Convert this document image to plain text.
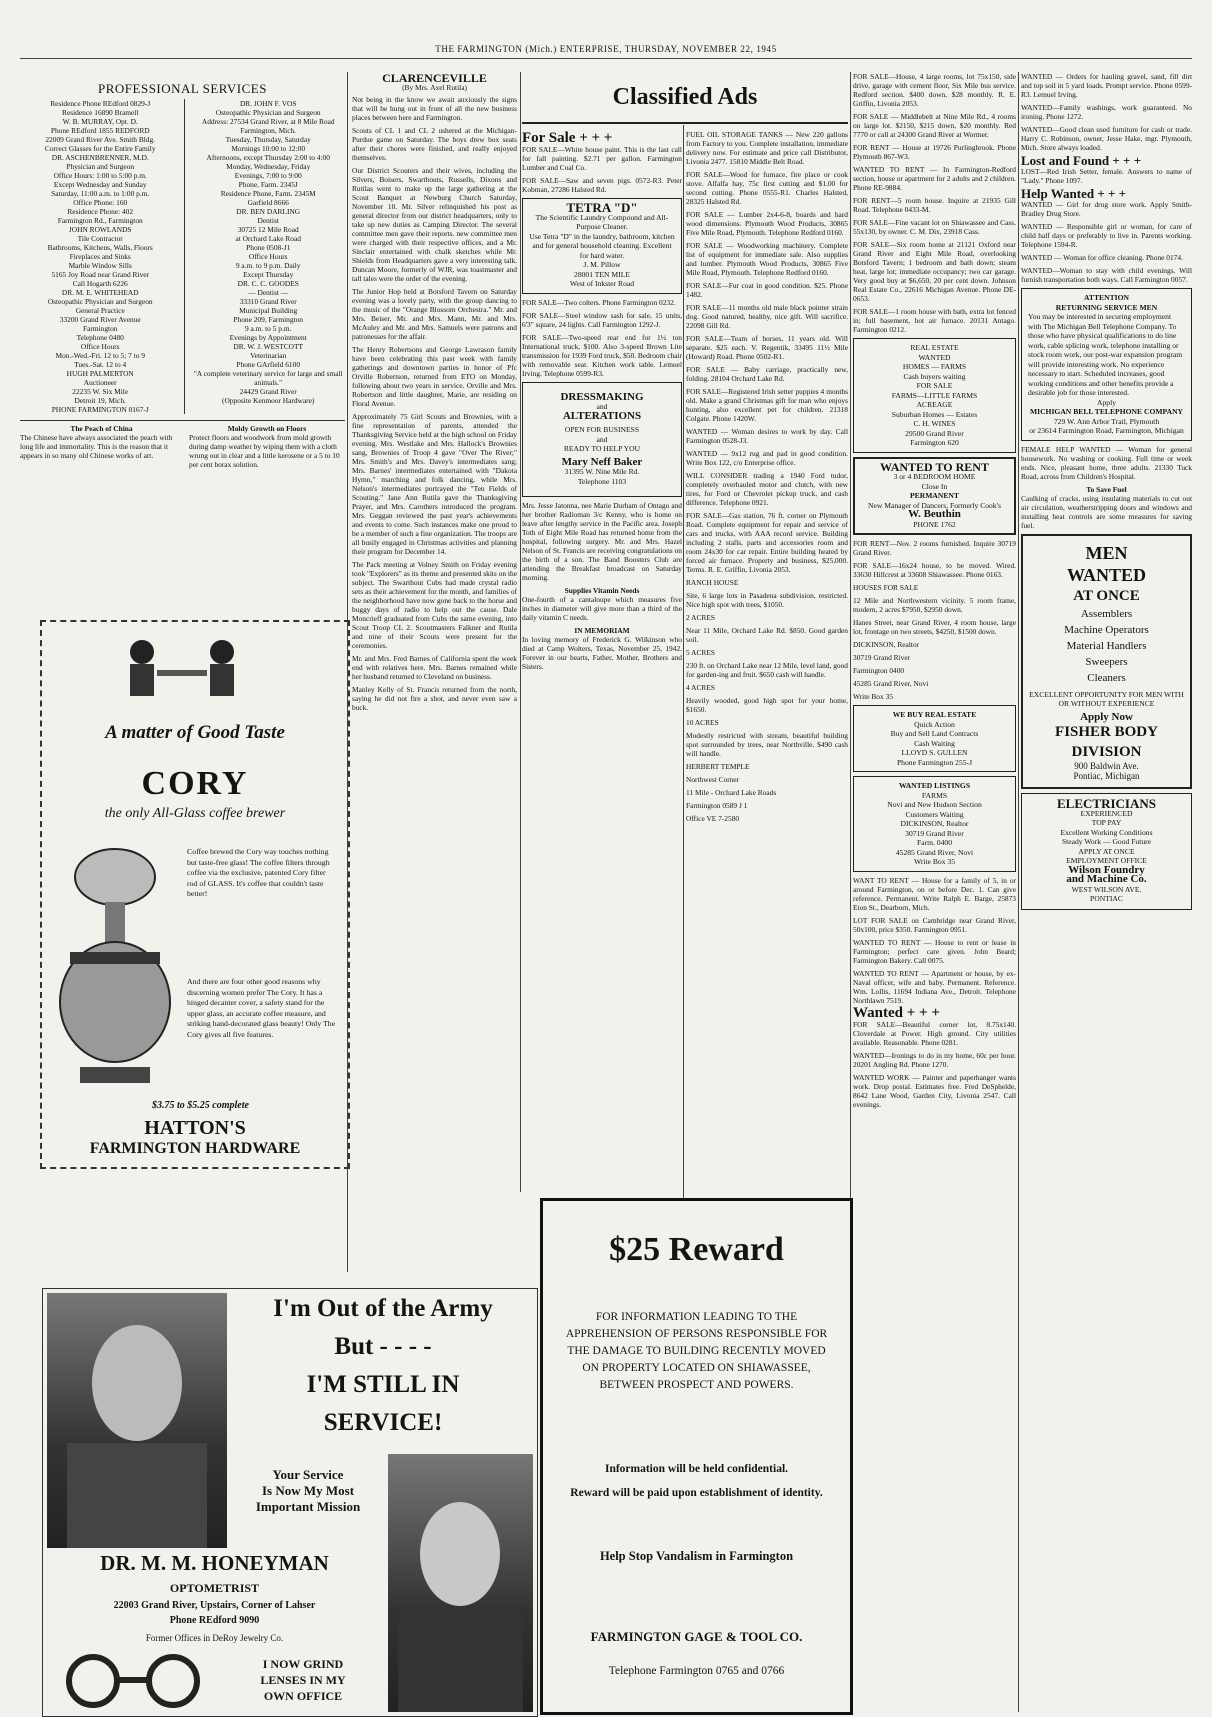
THE FARMINGTON (Mich.) ENTERPRISE, THURSDAY, NOVEMBER 22, 1945
PROFESSIONAL SERVICES
Residence Phone REdford 0829-J
Residence 16890 Bramell
W. B. MURRAY, Opt. D.
Phone REdford 1855 REDFORD
22009 Grand River Ave. Smith Bldg.
Correct Glasses for the Entire Family
DR. ASCHENBRENNER, M.D.
Physician and Surgeon
Office Hours: 1:00 to 5:00 p.m.
Except Wednesday and Sunday
Saturday, 11:00 a.m. to 1:00 p.m.
Office Phone: 160
Residence Phone: 402
Farmington Rd., Farmington
JOHN ROWLANDS
Tile Contractor
Bathrooms, Kitchens, Walls, Floors
Fireplaces and Sinks
Marble Window Sills
5165 Joy Road near Grand River
Call Hogarth 6226
DR. M. E. WHITEHEAD
Osteopathic Physician and Surgeon
General Practice
33200 Grand River Avenue
Farmington
Telephone 0480
Office Hours
Mon.-Wed.-Fri. 12 to 5; 7 to 9
Tues.-Sat. 12 to 4
HUGH PALMERTON
Auctioneer
22235 W. Six Mile
Detroit 19, Mich.
PHONE FARMINGTON 0167-J
DR. JOHN F. VOS
Osteopathic Physician and Surgeon
Address: 27534 Grand River, at 8 Mile Road
Farmington, Mich.
Tuesday, Thursday, Saturday
Mornings 10:00 to 12:00
Afternoons, except Thursday 2:00 to 4:00
Monday, Wednesday, Friday
Evenings, 7:00 to 9:00
Phone, Farm. 2345J
Residence Phone, Farm. 2345M
Garfield 8666
DR. BEN DARLING
Dentist
30725 12 Mile Road
at Orchard Lake Road
Phone 0508-J1
Office Hours
9 a.m. to 9 p.m. Daily
Except Thursday
DR. C. C. GOODES
— Dentist —
33310 Grand River
Municipal Building
Phone 209, Farmington
9 a.m. to 5 p.m.
Evenings by Appointment
DR. W. J. WESTCOTT
Veterinarian
Phone GArfield 6100
"A complete veterinary service for large and small animals."
24429 Grand River
(Opposite Kenmoor Hardware)
The Peach of China
The Chinese have always associated the peach with long life and immortality. This is the reason that it appears in so many old Chinese works of art.
Moldy Growth on Floors
Protect floors and woodwork from mold growth during damp weather by wiping them with a cloth wrung out in clear and a little kerosene or a 5 to 10 per cent borax solution.
A matter of Good Taste
CORY
the only All-Glass coffee brewer
Coffee brewed the Cory way touches nothing but taste-free glass! The coffee filters through coffee via the exclusive, patented Cory filter rod of GLASS. It's coffee that couldn't taste better!
And there are four other good reasons why discerning women prefer The Cory. It has a hinged decanter cover, a safety stand for the upper glass, an accurate coffee measure, and striking hand-decorated glass beauty! Only The Cory gives all five features.
$3.75 to $5.25 complete
HATTON'S
FARMINGTON HARDWARE
CLARENCEVILLE
(By Mrs. Axel Rutila)
Not being in the know we await anxiously the signs that will be hung out in front of all the new business places between here and Farmington.
Scouts of CL 1 and CL 2 ushered at the Michigan-Purdue game on Saturday. The boys drew box seats after their chores were finished, and really enjoyed themselves.
Our District Scouters and their wives, including the Silvers, Boisers, Swarthouts, Russells, Dixons and Rutilas went to make up the large gathering at the Scout Banquet at Newburg Church Saturday, November 10. Mr. Silver relinquished his post as general director from our district headquarters, only to take up new duties as Camping Director. The several committee men gave their reports. new committee men were charged with their respective offices, and a Mr. Sinclair entertained with chalk sketches while Mr. Shields from Headquarters gave a very interesting talk. Duncan Moore, formerly of WJR, was toastmaster and tall tales were the order of the evening.
The Junior Hop held at Botsford Tavern on Saturday evening was a lovely party, with the group dancing to the music of the "Orange Blossom Orchestra." Mr. and Mrs. Beiser, Mr. and Mrs. Mann, Mr. and Mrs. McAuley and Mr. and Mrs. Samuels were patrons and patronesses for the affair.
The Henry Robertsons and George Lawrason family have been celebrating this past week with family gatherings and downtown parties in honor of Pfc Orville Robertson, returned from ETO on Monday, following about two years in service. Orville and Mrs. Robertson and little daughter, Marie, are residing on Floral Avenue.
Approximately 75 Girl Scouts and Brownies, with a fine representation of parents, attended the Thanksgiving Service held at the high school on Friday evening. Mrs. Westlake and Mrs. Hallock's Brownies sang, Brownies of Troop 4 gave "Over The River;" Mrs. Smith's and Mrs. Davey's intermediates sang; Mrs. Barnes' intermediates entertained with "Dakota Hymn," marching and folk dancing, while Mrs. Nelson's intermediates portrayed the "Ten Fields of Scouting." Jane Ann Rutila gave the Thanksgiving Prayer, and Mrs. Carothers introduced the program. Mrs. Geggan reviewed the past year's achievements and events to come. Such instances make one proud to be a member of such a fine organization. The troops are all busily engaged in Christmas activities and planning their program for December 14.
The Pack meeting at Volney Smith on Friday evening took "Explorers" as its theme and presented skits on the subject. The Swarthout Cubs had made crystal radio sets as their achievement for the month, and families of the neighborhood have now gone back to the horse and buggy days of radio to help out the cause. Dale Moncrieff graduated from Cubs the same evening, into Scout Troop CL 2. Scoutmasters Falkner and Rutila and nine of their Scouts were present for the ceremonies.
Mr. and Mrs. Fred Barnes of California spent the week end with relatives here. Mrs. Barnes remained while her husband returned to Cleveland on business.
Manley Kelly of St. Francis returned from the north, saying he did not fire a shot, and never even saw a buck.
Classified Ads
For Sale + + +
FOR SALE—White house paint. This is the last call for fall painting. $2.71 per gallon. Farmington Lumber and Coal Co.
FOR SALE—Saw and seven pigs. 0572-R3. Peter Kobman, 27286 Halsted Rd.
TETRA "D"
The Scientific Laundry Compound and All-Purpose Cleaner.
Use Tetra "D" in the laundry, bathroom, kitchen and for general household cleaning. Excellent for hard water.
J. M. Pillow
28001 TEN MILE
West of Inkster Road
FOR SALE—Two colters. Phone Farmington 0232.
FOR SALE—Steel window sash for sale, 15 units, 6'3" square, 24 lights. Call Farmington 1292-J.
FOR SALE—Two-speed rear end for 1½ ton International truck, $100. Also 3-speed Brown Lite transmission for 1939 Ford truck, $50. Bedroom chair with removable seat. Kitchen work table. Lemuel Irving. Telephone 0599-R3.
DRESSMAKING
and
ALTERATIONS
OPEN FOR BUSINESS
and
READY TO HELP YOU
Mary Neff Baker
31395 W. Nine Mile Rd.
Telephone 1103
Mrs. Jesse Jatonna, nee Marie Durham of Ontago and her brother Radioman 3/c Kenny, who is home on leave after lengthy service in the Pacific area. Joseph Toth of Eight Mile Road has returned home from the hospital, following surgery. Mr. and Mrs. Hazel Nelson of St. Francis are receiving congratulations on the birth of a son. The Band Boosters Club are attending the Breakfast broadcast on Saturday morning.
Supplies Vitamin Needs
One-fourth of a cantaloupe which measures five inches in diameter will give more than a third of the daily vitamin C needs.
IN MEMORIAM
In loving memory of Frederick G. Wilkinson who died at Camp Wolters, Texas, November 25, 1942. Forever in our hearts, Father, Mother, Brothers and Sisters.
FUEL OIL STORAGE TANKS — New 220 gallons from Factory to you. Complete installation, immediate delivery now. For estimate and price call Distributor, Livonia 2477. 15810 Middle Belt Road.
FOR SALE—Wood for furnace, fire place or cook stove. Alfalfa hay, 75c first cutting and $1.00 for second cutting. Phone 0555-R1. Charles Halsted, 28325 Halsted Rd.
FOR SALE — Lumber 2x4-6-8, boards and hard wood dimensions. Plymouth Wood Products, 30865 Five Mile Road, Plymouth. Telephone Redford 0160.
FOR SALE — Woodworking machinery. Complete list of equipment for immediate sale. Also supplies and lumber. Plymouth Wood Products, 30865 Five Mile Road, Plymouth. Telephone Redford 0160.
FOR SALE—Fur coat in good condition. $25. Phone 1482.
FOR SALE—11 months old male black pointer strain dog. Good natured, healthy, nice gift. Will sacrifice. 22098 Gill Rd.
FOR SALE—Team of horses, 11 years old. Will separate. $25 each. V. Regentik, 33495 11½ Mile (Howard) Road. Phone 0502-R1.
FOR SALE — Baby carriage, practically new, folding. 28104 Orchard Lake Rd.
FOR SALE—Registered Irish setter puppies 4 months old. Make a grand Christmas gift for man who enjoys hunting, also excellent pet for children. 21318 Colgate. Phone 1420W.
WANTED — Woman desires to work by day. Call Farmington 0528-J3.
WANTED — 9x12 rug and pad in good condition. Write Box 122, c/o Enterprise office.
WILL CONSIDER trading a 1940 Ford tudor, completely overhauled motor and clutch, with new tires, for Ford or Chevrolet pickup truck, and cash difference. Telephone 0921.
FOR SALE—Gas station, 76 ft. corner on Plymouth Road. Complete equipment for repair and service of cars and trucks, with AAA record service. Building including 2 stalls, parts and accessories room and room 24x30 for car repair. Entire building heated by forced air furnace. Property and business, $25,000. Terms. R. E. Griffin, Livonia 2053.
RANCH HOUSE
Site, 6 large lots in Pasadena subdivision, restricted. Nice high spot with trees, $1050.
2 ACRES
Near 11 Mile, Orchard Lake Rd. $850. Good garden soil.
5 ACRES
230 ft. on Orchard Lake near 12 Mile, level land, good for garden-ing and fruit. $650 cash will handle.
4 ACRES
Heavily wooded, good high spot for your home, $1650.
10 ACRES
Modestly restricted with stream, beautiful building spot surrounded by trees, near Northville. $490 cash will handle.
HERBERT TEMPLE
Northwest Corner
11 Mile - Orchard Lake Roads
Farmington 0589 J 1
Office VE 7-2580
FOR SALE—House, 4 large rooms, lot 75x150, side drive, garage with cement floor, Six Mile bus service. Redford section. $400 down, $28 monthly. R. E. Griffin, Livonia 2053.
FOR SALE — Middlebelt at Nine Mile Rd., 4 rooms on large lot. $2150, $215 down, $20 monthly. Red 7770 or call at 24300 Grand River at Wormer.
FOR RENT — House at 19726 Purlingbrook. Phone Plymouth 867-W3.
WANTED TO RENT — In Farmington-Redford section, house or apartment for 2 adults and 2 children. Phone RE-9884.
FOR RENT—5 room house. Inquire at 21935 Gill Road. Telephone 0433-M.
FOR SALE—Fine vacant lot on Shiawassee and Cass. 55x130, by owner. C. M. Dix, 23918 Cass.
FOR SALE—Six room home at 21121 Oxford near Grand River and Eight Mile Road, overlooking Botsford Tavern; 1 bedroom and bath down; steam heat, large lot; immediate occupancy; two car garage. Very good buy at $6,650, 20 per cent down. Johnson Real Estate Co., 22616 Michigan Avenue. Phone DE-0653.
FOR SALE—1 room house with bath, extra lot fenced in; full basement, hot air furnace. 20131 Antago. Farmington 0212.
REAL ESTATE
WANTED
HOMES — FARMS
Cash buyers waiting
FOR SALE
FARMS—LITTLE FARMS
ACREAGE
Suburban Homes — Estates
C. H. WINES
29500 Grand River
Farmington 620
WANTED TO RENT
3 or 4 BEDROOM HOME
Close In
PERMANENT
New Manager of Dancers, Formerly Cook's
W. Beuthin
PHONE 1762
FOR RENT—Nov. 2 rooms furnished. Inquire 30719 Grand River.
FOR SALE—16x24 house, to be moved. Wired. 33630 Hillcrest at 33608 Shiawassee. Phone 0163.
HOUSES FOR SALE
12 Mile and Northwestern vicinity. 5 room frame, modern, 2 acres $7950, $2950 down.
Hanes Street, near Grand River, 4 room house, large lot, frontage on two streets, $4250, $1500 down.
DICKINSON, Realtor
30719 Grand River
Farmington 0400
45285 Grand River, Novi
Write Box 35
WE BUY REAL ESTATE
Quick Action
Buy and Sell Land Contracts
Cash Waiting
LLOYD S. GULLEN
Phone Farmington 255-J
WANTED LISTINGS
FARMS
Novi and New Hudson Section
Customers Waiting
DICKINSON, Realtor
30719 Grand River
Farm. 0400
45285 Grand River, Novi
Write Box 35
WANT TO RENT — House for a family of 5, in or around Farmington, on or before Dec. 1. Can give reference. Permanent. Write Ralph E. Barge, 25873 Eton St., Dearborn, Mich.
LOT FOR SALE on Cambridge near Grand River, 50x100, price $350. Farmington 0951.
WANTED TO RENT — House to rent or lease in Farmington; perfect care given. John Beard; Farmington Bakery. Call 0075.
WANTED TO RENT — Apartment or house, by ex-Naval officer, wife and baby. Permanent. Reference. Wm. Lollis, 11694 Indiana Ave., Detroit. Telephone Northlawn 7519.
Wanted + + +
FOR SALE—Beautiful corner lot, 8.75x140. Cloverdale at Power. High ground. City utilities available. Reasonable. Phone 0281.
WANTED—Ironings to do in my home, 60c per hour. 20201 Angling Rd. Phone 1270.
WANTED WORK — Painter and paperhanger wants work. Drop postal. Estimates free. Fred DeSphelde, 8642 Lane Wood, Garden City, Livonia 2547. Call evenings.
WANTED — Orders for hauling gravel, sand, fill dirt and top soil in 5 yard loads. Prompt service. Phone 0599-R3. Lemuel Irving.
WANTED—Family washings, work guaranteed. No ironing. Phone 1272.
WANTED—Good clean used furniture for cash or trade. Harry C. Robinson, owner, Jesse Hake, mgr. Plymouth, Mich. Store always loaded.
Lost and Found + + +
LOST—Red Irish Setter, female. Answers to name of "Lady." Phone 1097.
Help Wanted + + +
WANTED — Girl for drug store work. Apply Smith-Bradley Drug Store.
WANTED — Responsible girl or woman, for care of child half days or preferably to live in. Parents working. Telephone 1594-R.
WANTED — Woman for office cleaning. Phone 0174.
WANTED—Woman to stay with child evenings. Will furnish transportation both ways. Call Farmington 0057.
ATTENTION
RETURNING SERVICE MEN
You may be interested in securing employment with The Michigan Bell Telephone Company. To those who have physical qualifications to do line work, cable splicing work, telephone installing or stock room work, our post-war expansion program will provide interesting work. No experience necessary to start. Scheduled increases, good working conditions and other benefits provide a desirable job for those interested.
Apply
MICHIGAN BELL TELEPHONE COMPANY
729 W. Ann Arbor Trail, Plymouth
or 23614 Farmington Road, Farmington, Michigan
FEMALE HELP WANTED — Woman for general housework. No washing or cooking. Full time or week ends. Nice, pleasant home, three adults. 21330 Tuck Road, across from Children's Hospital.
To Save Fuel
Caulking of cracks, using insulating materials to cut out air circulation, weatherstripping doors and windows and installing heat controls are some measures for saving fuel.
MEN
WANTED
AT ONCE
Assemblers
Machine Operators
Material Handlers
Sweepers
Cleaners
EXCELLENT OPPORTUNITY FOR MEN WITH OR WITHOUT EXPERIENCE
Apply Now
FISHER BODY
DIVISION
900 Baldwin Ave.
Pontiac, Michigan
ELECTRICIANS
EXPERIENCED
TOP PAY
Excellent Working Conditions
Steady Work — Good Future
APPLY AT ONCE
EMPLOYMENT OFFICE
Wilson Foundry
and Machine Co.
WEST WILSON AVE.
PONTIAC
$25 Reward
FOR INFORMATION LEADING TO THE APPREHENSION OF PERSONS RESPONSIBLE FOR THE DAMAGE TO BUILDING RECENTLY MOVED ON PROPERTY LOCATED ON SHIAWASSEE, BETWEEN PROSPECT AND POWERS.
Information will be held confidential.
Reward will be paid upon establishment of identity.
Help Stop Vandalism in Farmington
FARMINGTON GAGE & TOOL CO.
Telephone Farmington 0765 and 0766
I'm Out of the Army
But - - - -
I'M STILL IN
SERVICE!
Your Service
Is Now My Most
Important Mission
DR. M. M. HONEYMAN
OPTOMETRIST
22003 Grand River, Upstairs, Corner of Lahser
Phone REdford 9090
Former Offices in DeRoy Jewelry Co.
I NOW GRIND
LENSES IN MY
OWN OFFICE
